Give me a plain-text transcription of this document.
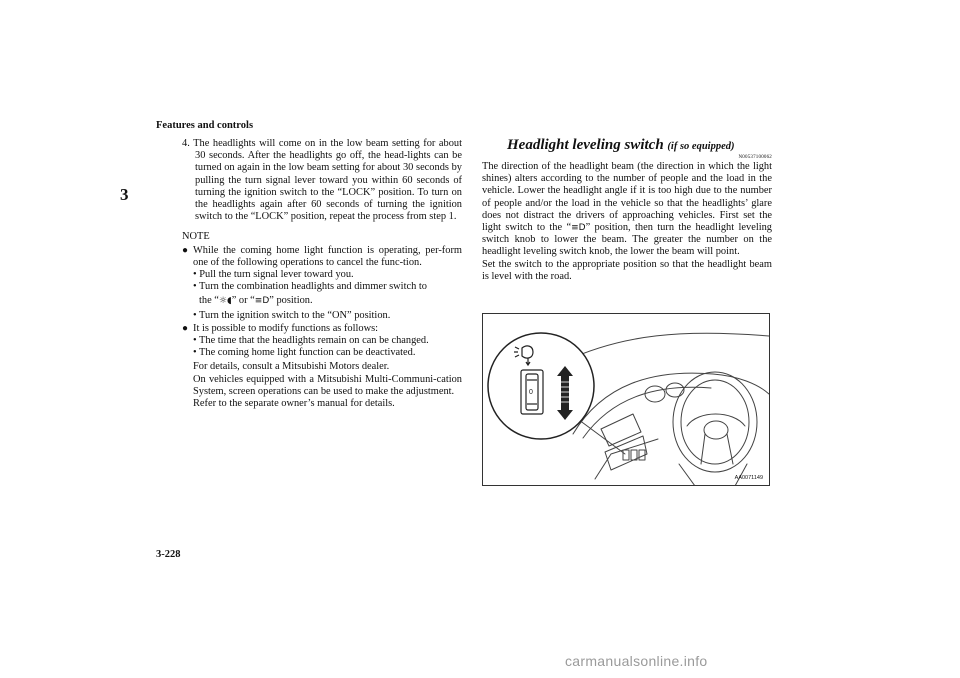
Features and controls
3

4. The headlights will come on in the low beam setting for about 30 seconds. After the headlights go off, the head-lights can be turned on again in the low beam setting for about 30 seconds by pulling the turn signal lever toward you within 60 seconds of turning the ignition switch to the “LOCK” position. To turn on the headlights again after 60 seconds of turning the ignition switch to the “LOCK” position, repeat the process from step 1.

NOTE
● While the coming home light function is operating, per-form one of the following operations to cancel the func-tion.

• Pull the turn signal lever toward you.

• Turn the combination headlights and dimmer switch to

the “☼◖” or “≡D” position.

• Turn the ignition switch to the “ON” position.

● It is possible to modify functions as follows:

• The time that the headlights remain on can be changed.

• The coming home light function can be deactivated.

For details, consult a Mitsubishi Motors dealer.

On vehicles equipped with a Mitsubishi Multi-Communi-cation System, screen operations can be used to make the adjustment.

Refer to the separate owner’s manual for details.

Headlight leveling switch (if so equipped)
N00537100062

The direction of the headlight beam (the direction in which the light shines) alters according to the number of people and the load in the vehicle. Lower the headlight angle if it is too high due to the number of people and/or the load in the vehicle so that the headlights’ glare does not distract the drivers of approaching vehicles. First set the light switch to the “≡D” position, then turn the headlight leveling switch knob to lower the beam. The greater the number on the headlight leveling switch knob, the lower the beam will point.

Set the switch to the appropriate position so that the headlight beam is level with the road.

0
AA0071149
3-228
carmanualsonline.info
